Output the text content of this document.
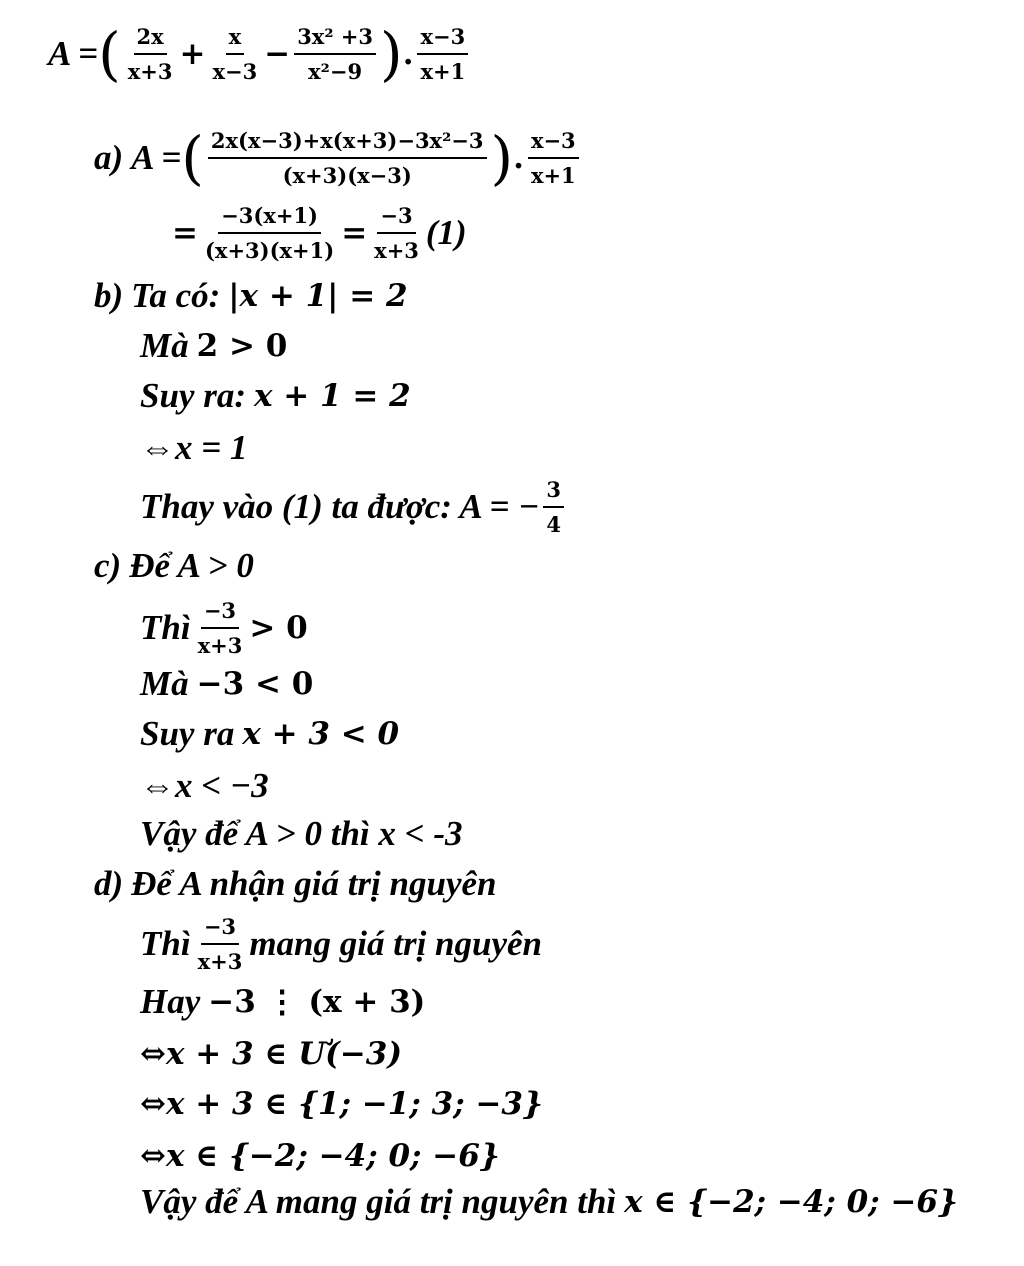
A = ( $\frac{2x}{x+3} + \frac{x}{x-3} - \frac{\text{3x² +3}}{\text{x²−9}}$ ) . $\frac{x-3}{x+1}$
a) A = ( $\frac{\text{2x(x−3)+x(x+3)−3x²−3}}{(x+3)(x-3)}$ ) . $\frac{x-3}{x+1}$
= $\frac{-3(x+1)}{(x+3)(x+1)} = \frac{-3}{x+3} (1)$
b) Ta có: |x + 1| = 2
Mà 2 > 0
Suy ra: x + 1 = 2
⇔x = 1
Thay vào (1) ta được: A = − $\frac{3}{4}$
c) Để A > 0
Thì $\frac{-3}{x+3} > 0$
Mà −3 < 0
Suy ra x + 3 < 0
⇔x < −3
Vậy để A > 0 thì x < -3
d) Để A nhận giá trị nguyên
Thì $\frac{-3}{x+3}$ mang giá trị nguyên
Hay −3 ⋮ (x + 3)
⇔x + 3 ∈ Ư(−3)
⇔x + 3 ∈ {1; −1; 3; −3}
⇔x ∈ {−2; −4; 0; −6}
Vậy để A mang giá trị nguyên thì x ∈ {−2; −4; 0; −6}
